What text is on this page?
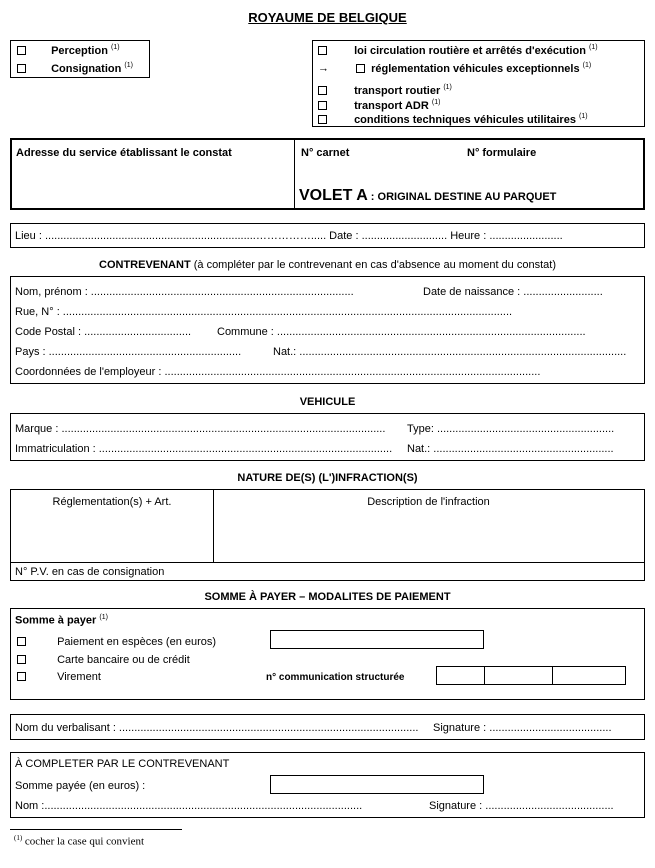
ROYAUME DE BELGIQUE
Perception $^{(1)}$
Consignation $^{(1)}$
loi circulation routière et arrêtés d'exécution $^{(1)}$
→	réglementation véhicules exceptionnels $^{(1)}$
transport routier $^{(1)}$
transport ADR $^{(1)}$
conditions techniques véhicules utilitaires $^{(1)}$
Adresse du service établissant le constat	N° carnet	N° formulaire
VOLET A : ORIGINAL DESTINE AU PARQUET
Lieu : .....................................................................……………..... Date : ............................ Heure : ........................
CONTREVENANT (à compléter par le contrevenant en cas d'absence au moment du constat)
Nom, prénom : ......................................................................................	Date de naissance : ..........................
Rue, N° : ...................................................................................................................................................
Code Postal : ...................................	Commune : .....................................................................................................
Pays : ...............................................................	Nat.: ...........................................................................................................
Coordonnées de l'employeur : ...........................................................................................................................
VEHICULE
Marque : ..........................................................................................................	Type: ..........................................................
Immatriculation : ................................................................................................	Nat.: ...........................................................
NATURE DE(S) (L')INFRACTION(S)
Réglementation(s) + Art.	Description de l'infraction
N° P.V. en cas de consignation
SOMME À PAYER – MODALITES DE PAIEMENT
Somme à payer $^{(1)}$
Paiement en espèces (en euros)
Carte bancaire ou de crédit
Virement	n° communication structurée
Nom du verbalisant : ..................................................................................................	Signature : ........................................
À COMPLETER PAR LE CONTREVENANT
Somme payée (en euros) :
Nom :........................................................................................................	Signature : ..........................................
$^{(1)}$ cocher la case qui convient
